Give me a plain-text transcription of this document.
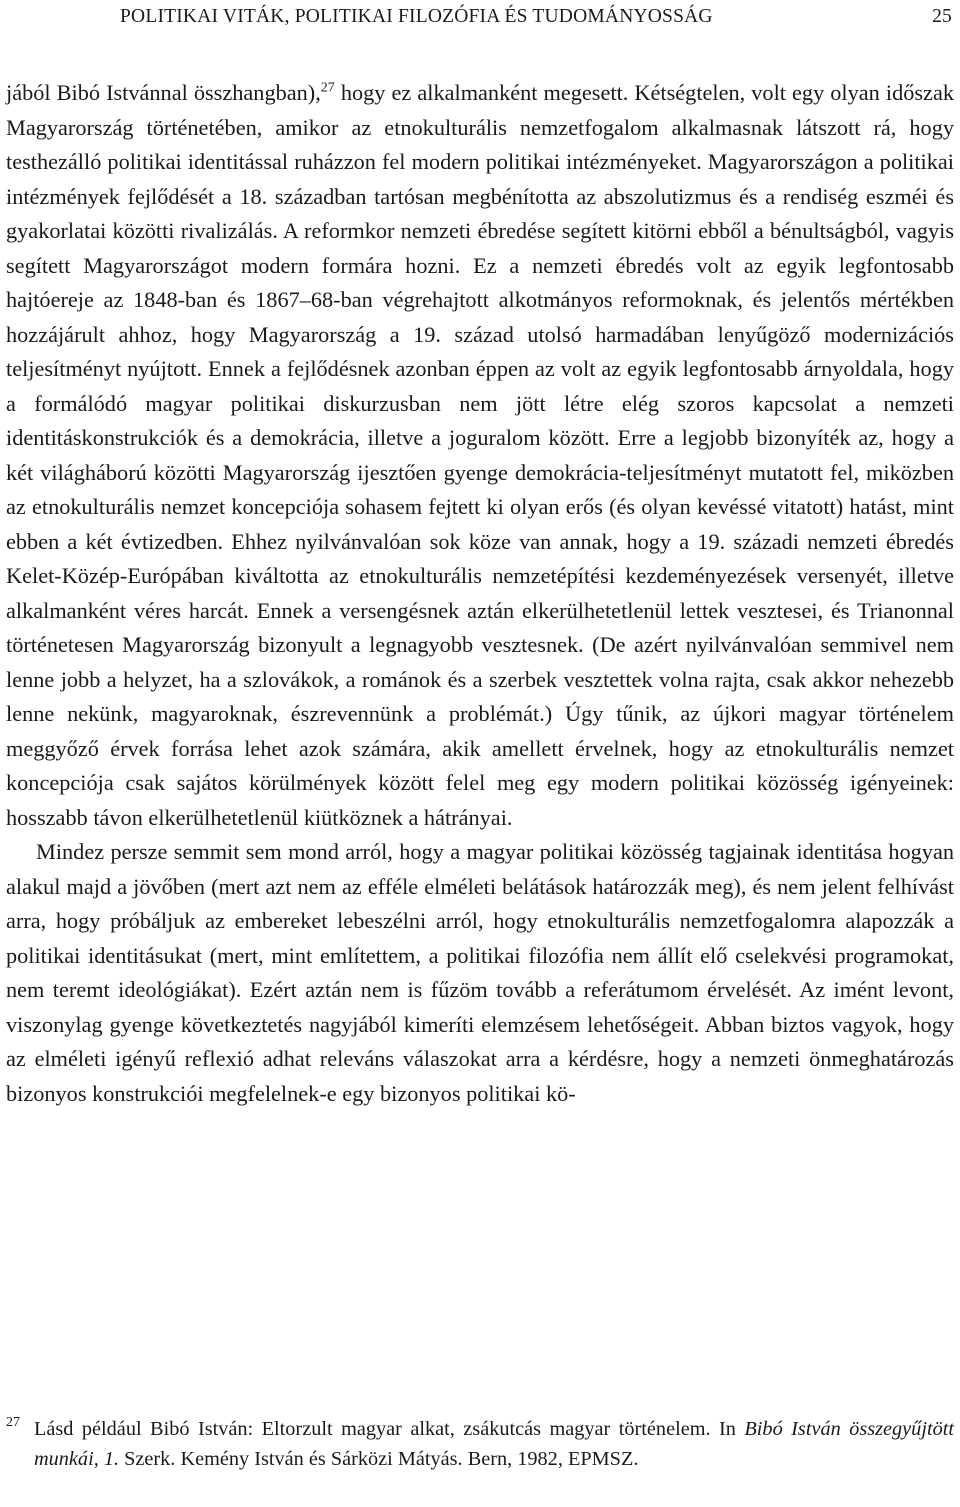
POLITIKAI VITÁK, POLITIKAI FILOZÓFIA ÉS TUDOMÁNYOSSÁG	25

jából Bibó Istvánnal összhangban),$^{27}$ hogy ez alkalmanként megesett. Kétségtelen, volt egy olyan időszak Magyarország történetében, amikor az etnokulturális nemzetfogalom alkalmasnak látszott rá, hogy testhezálló politikai identitással ruházzon fel modern politikai intézményeket. Magyarországon a politikai intézmények fejlődését a 18. században tartósan megbénította az abszolutizmus és a rendiség eszméi és gyakorlatai közötti rivalizálás. A reformkor nemzeti ébredése segített kitörni ebből a bénultságból, vagyis segített Magyarországot modern formára hozni. Ez a nemzeti ébredés volt az egyik legfontosabb hajtóereje az 1848-ban és 1867–68-ban végrehajtott alkotmányos reformoknak, és jelentős mértékben hozzájárult ahhoz, hogy Magyarország a 19. század utolsó harmadában lenyűgöző modernizációs teljesítményt nyújtott. Ennek a fejlődésnek azonban éppen az volt az egyik legfontosabb árnyoldala, hogy a formálódó magyar politikai diskurzusban nem jött létre elég szoros kapcsolat a nemzeti identitáskonstrukciók és a demokrácia, illetve a joguralom között. Erre a legjobb bizonyíték az, hogy a két világháború közötti Magyarország ijesztően gyenge demokrácia-teljesítményt mutatott fel, miközben az etnokulturális nemzet koncepciója sohasem fejtett ki olyan erős (és olyan kevéssé vitatott) hatást, mint ebben a két évtizedben. Ehhez nyilvánvalóan sok köze van annak, hogy a 19. századi nemzeti ébredés Kelet-Közép-Európában kiváltotta az etnokulturális nemzetépítési kezdeményezések versenyét, illetve alkalmanként véres harcát. Ennek a versengésnek aztán elkerülhetetlenül lettek vesztesei, és Trianonnal történetesen Magyarország bizonyult a legnagyobb vesztesnek. (De azért nyilvánvalóan semmivel nem lenne jobb a helyzet, ha a szlovákok, a románok és a szerbek vesztettek volna rajta, csak akkor nehezebb lenne nekünk, magyaroknak, észrevennünk a problémát.) Úgy tűnik, az újkori magyar történelem meggyőző érvek forrása lehet azok számára, akik amellett érvelnek, hogy az etnokulturális nemzet koncepciója csak sajátos körülmények között felel meg egy modern politikai közösség igényeinek: hosszabb távon elkerülhetetlenül kiütköznek a hátrányai.

Mindez persze semmit sem mond arról, hogy a magyar politikai közösség tagjainak identitása hogyan alakul majd a jövőben (mert azt nem az efféle elméleti belátások határozzák meg), és nem jelent felhívást arra, hogy próbáljuk az embereket lebeszélni arról, hogy etnokulturális nemzetfogalomra alapozzák a politikai identitásukat (mert, mint említettem, a politikai filozófia nem állít elő cselekvési programokat, nem teremt ideológiákat). Ezért aztán nem is fűzöm tovább a referátumom érvelését. Az imént levont, viszonylag gyenge következtetés nagyjából kimeríti elemzésem lehetőségeit. Abban biztos vagyok, hogy az elméleti igényű reflexió adhat releváns válaszokat arra a kérdésre, hogy a nemzeti önmeghatározás bizonyos konstrukciói megfelelnek-e egy bizonyos politikai kö-

27 Lásd például Bibó István: Eltorzult magyar alkat, zsákutcás magyar történelem. In Bibó István összegyűjtött munkái, 1. Szerk. Kemény István és Sárközi Mátyás. Bern, 1982, EPMSZ.
